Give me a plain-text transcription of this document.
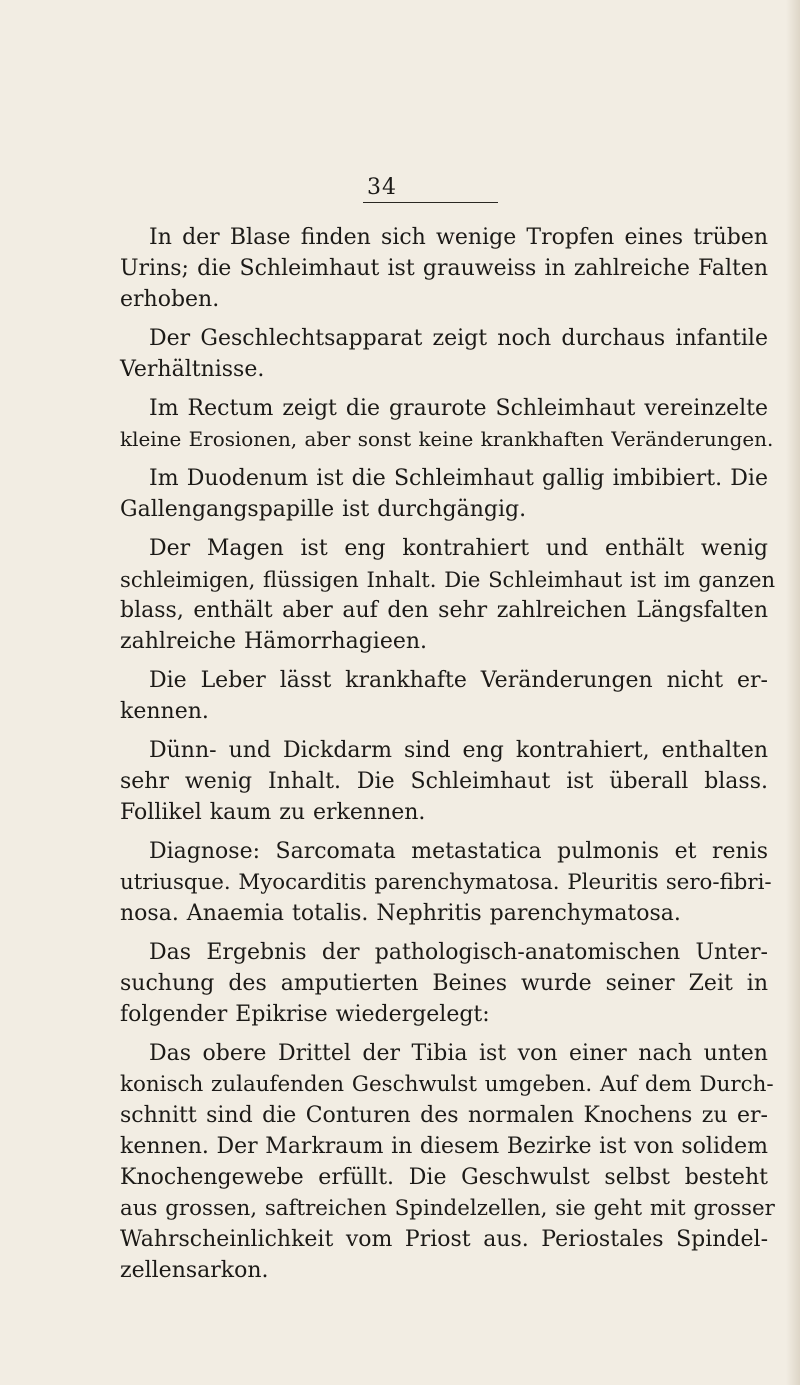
34

In der Blase finden sich wenige Tropfen eines trüben
Urins; die Schleimhaut ist grauweiss in zahlreiche Falten
erhoben.

Der Geschlechtsapparat zeigt noch durchaus infantile
Verhältnisse.

Im Rectum zeigt die graurote Schleimhaut vereinzelte
kleine Erosionen, aber sonst keine krankhaften Veränderungen.

Im Duodenum ist die Schleimhaut gallig imbibiert. Die
Gallengangspapille ist durchgängig.

Der Magen ist eng kontrahiert und enthält wenig
schleimigen, flüssigen Inhalt. Die Schleimhaut ist im ganzen
blass, enthält aber auf den sehr zahlreichen Längsfalten
zahlreiche Hämorrhagieen.

Die Leber lässt krankhafte Veränderungen nicht er-
kennen.

Dünn- und Dickdarm sind eng kontrahiert, enthalten
sehr wenig Inhalt. Die Schleimhaut ist überall blass.
Follikel kaum zu erkennen.

Diagnose: Sarcomata metastatica pulmonis et renis
utriusque. Myocarditis parenchymatosa. Pleuritis sero-fibri-
nosa. Anaemia totalis. Nephritis parenchymatosa.

Das Ergebnis der pathologisch-anatomischen Unter-
suchung des amputierten Beines wurde seiner Zeit in
folgender Epikrise wiedergelegt:

Das obere Drittel der Tibia ist von einer nach unten
konisch zulaufenden Geschwulst umgeben. Auf dem Durch-
schnitt sind die Conturen des normalen Knochens zu er-
kennen. Der Markraum in diesem Bezirke ist von solidem
Knochengewebe erfüllt. Die Geschwulst selbst besteht
aus grossen, saftreichen Spindelzellen, sie geht mit grosser
Wahrscheinlichkeit vom Priost aus. Periostales Spindel-
zellensarkon.
